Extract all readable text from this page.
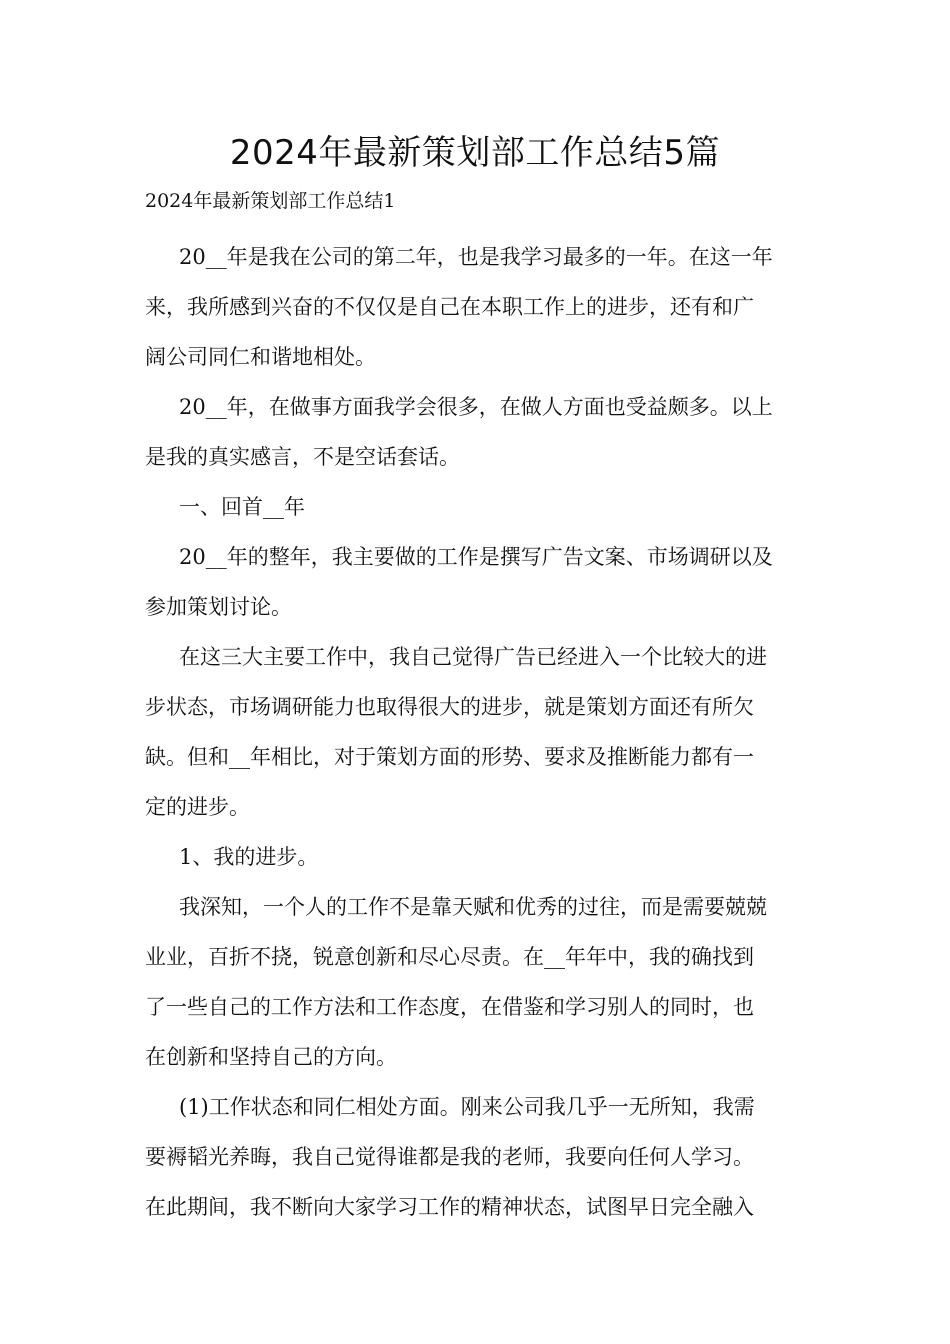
2024年最新策划部工作总结5篇

2024年最新策划部工作总结1

20__年是我在公司的第二年，也是我学习最多的一年。在这一年
来，我所感到兴奋的不仅仅是自己在本职工作上的进步，还有和广
阔公司同仁和谐地相处。
20__年，在做事方面我学会很多，在做人方面也受益颇多。以上
是我的真实感言，不是空话套话。
一、回首__年
20__年的整年，我主要做的工作是撰写广告文案、市场调研以及
参加策划讨论。
在这三大主要工作中，我自己觉得广告已经进入一个比较大的进
步状态，市场调研能力也取得很大的进步，就是策划方面还有所欠
缺。但和__年相比，对于策划方面的形势、要求及推断能力都有一
定的进步。
1、我的进步。
我深知，一个人的工作不是靠天赋和优秀的过往，而是需要兢兢
业业，百折不挠，锐意创新和尽心尽责。在__年年中，我的确找到
了一些自己的工作方法和工作态度，在借鉴和学习别人的同时，也
在创新和坚持自己的方向。
(1)工作状态和同仁相处方面。刚来公司我几乎一无所知，我需
要褥韬光养晦，我自己觉得谁都是我的老师，我要向任何人学习。
在此期间，我不断向大家学习工作的精神状态，试图早日完全融入
